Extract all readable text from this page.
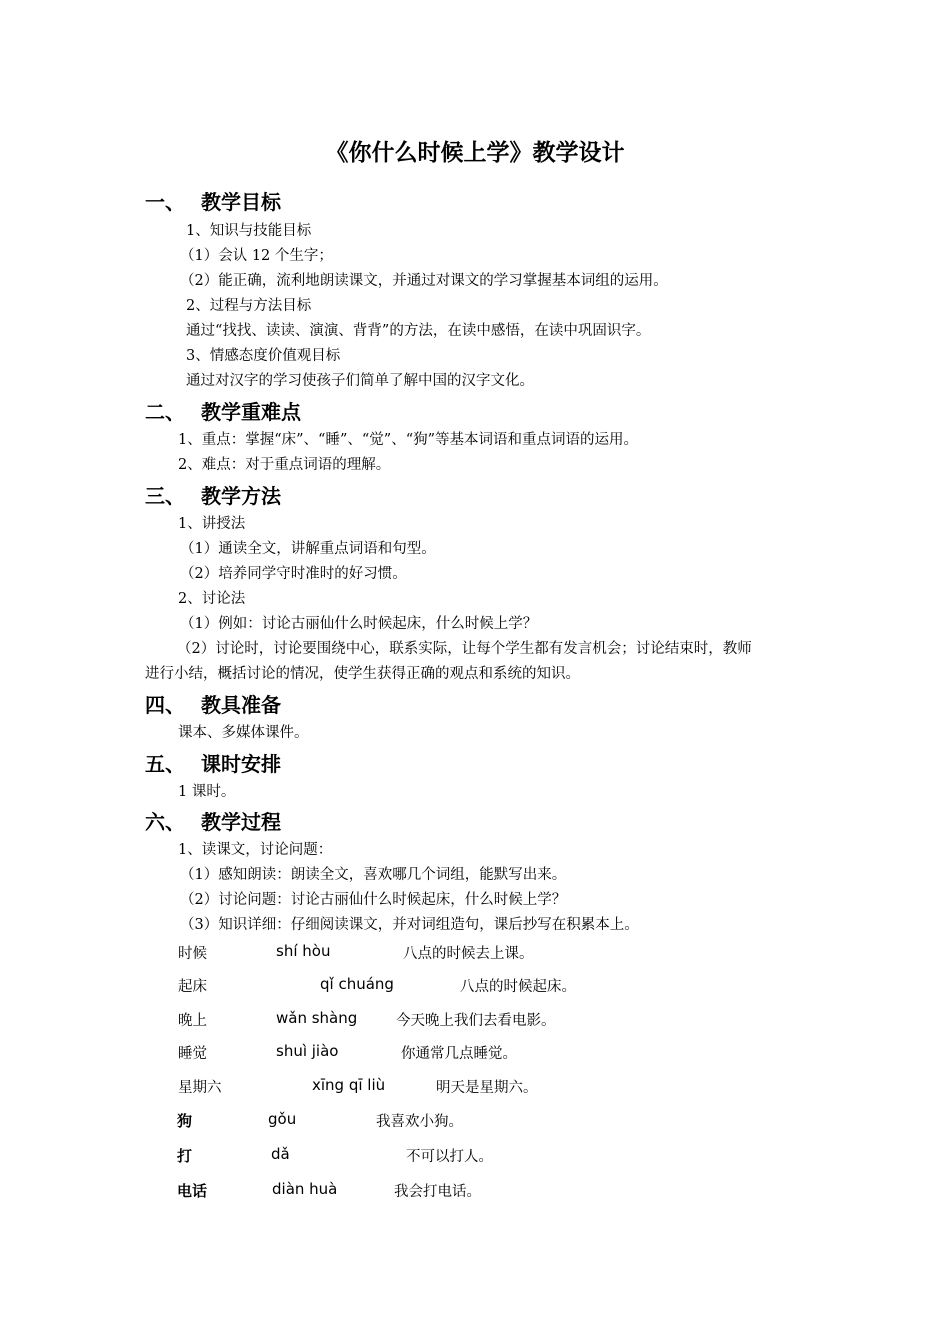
《你什么时候上学》教学设计
一、 教学目标
1、知识与技能目标
（1）会认 12 个生字；
（2）能正确，流利地朗读课文，并通过对课文的学习掌握基本词组的运用。
2、过程与方法目标
通过“找找、读读、演演、背背”的方法，在读中感悟，在读中巩固识字。
3、情感态度价值观目标
通过对汉字的学习使孩子们简单了解中国的汉字文化。
二、 教学重难点
1、重点：掌握“床”、“睡”、“觉”、“狗”等基本词语和重点词语的运用。
2、难点：对于重点词语的理解。
三、 教学方法
1、讲授法
（1）通读全文，讲解重点词语和句型。
（2）培养同学守时准时的好习惯。
2、讨论法
（1）例如：讨论古丽仙什么时候起床，什么时候上学？
（2）讨论时，讨论要围绕中心，联系实际，让每个学生都有发言机会；讨论结束时，教师
进行小结，概括讨论的情况，使学生获得正确的观点和系统的知识。
四、 教具准备
课本、多媒体课件。
五、 课时安排
1 课时。
六、 教学过程
1、读课文，讨论问题：
（1）感知朗读：朗读全文，喜欢哪几个词组，能默写出来。
（2）讨论问题：讨论古丽仙什么时候起床，什么时候上学？
（3）知识详细：仔细阅读课文，并对词组造句，课后抄写在积累本上。
时候	shí hòu	八点的时候去上课。
起床	qǐ chuáng	八点的时候起床。
晚上	wǎn shàng	今天晚上我们去看电影。
睡觉	shuì jiào	你通常几点睡觉。
星期六	xīng qī liù	明天是星期六。
狗	gǒu	我喜欢小狗。
打	dǎ	不可以打人。
电话	diàn huà	我会打电话。
